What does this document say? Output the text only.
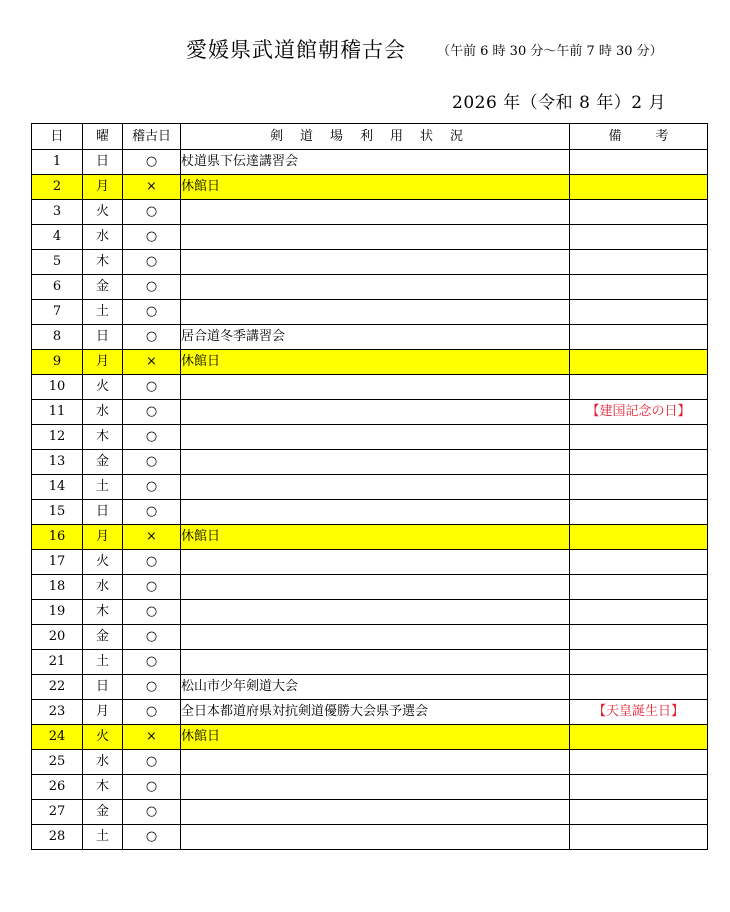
愛媛県武道館朝稽古会 （午前 6 時 30 分～午前 7 時 30 分）
2026 年（令和 8 年）2 月
日	曜	稽古日	剣道場利用状況	備考
1	日	○	杖道県下伝達講習会	
2	月	×	休館日	
3	火	○		
4	水	○		
5	木	○		
6	金	○		
7	土	○		
8	日	○	居合道冬季講習会	
9	月	×	休館日	
10	火	○		
11	水	○		【建国記念の日】
12	木	○		
13	金	○		
14	土	○		
15	日	○		
16	月	×	休館日	
17	火	○		
18	水	○		
19	木	○		
20	金	○		
21	土	○		
22	日	○	松山市少年剣道大会	
23	月	○	全日本都道府県対抗剣道優勝大会県予選会	【天皇誕生日】
24	火	×	休館日	
25	水	○		
26	木	○		
27	金	○		
28	土	○		
